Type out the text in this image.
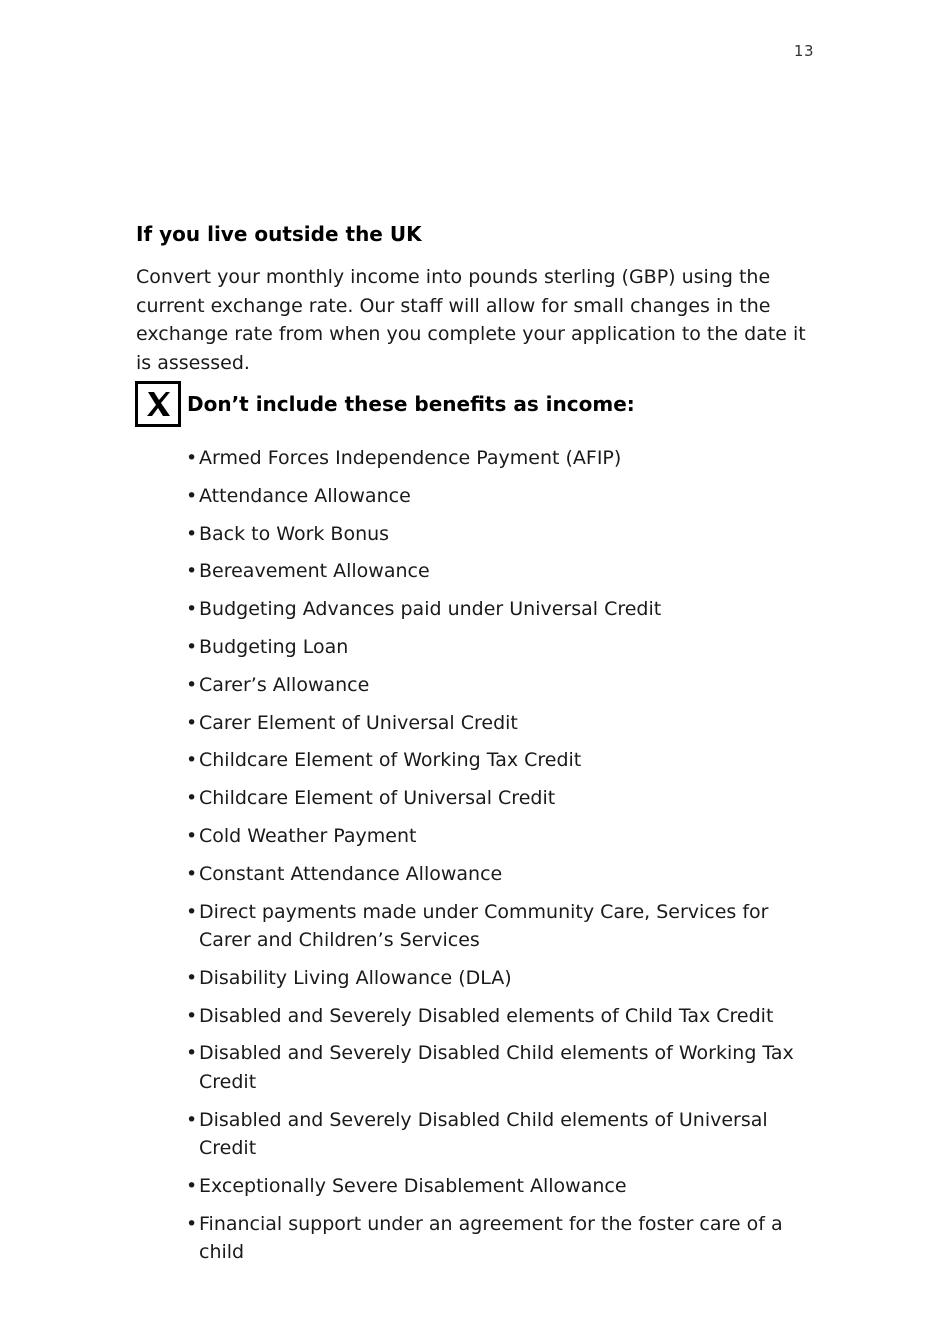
13
If you live outside the UK

Convert your monthly income into pounds sterling (GBP) using the current exchange rate. Our staff will allow for small changes in the exchange rate from when you complete your application to the date it is assessed.

Don’t include these benefits as income:
• Armed Forces Independence Payment (AFIP)
• Attendance Allowance
• Back to Work Bonus
• Bereavement Allowance
• Budgeting Advances paid under Universal Credit
• Budgeting Loan
• Carer’s Allowance
• Carer Element of Universal Credit
• Childcare Element of Working Tax Credit
• Childcare Element of Universal Credit
• Cold Weather Payment
• Constant Attendance Allowance
• Direct payments made under Community Care, Services for Carer and Children’s Services
• Disability Living Allowance (DLA)
• Disabled and Severely Disabled elements of Child Tax Credit
• Disabled and Severely Disabled Child elements of Working Tax Credit
• Disabled and Severely Disabled Child elements of Universal Credit
• Exceptionally Severe Disablement Allowance
• Financial support under an agreement for the foster care of a child
